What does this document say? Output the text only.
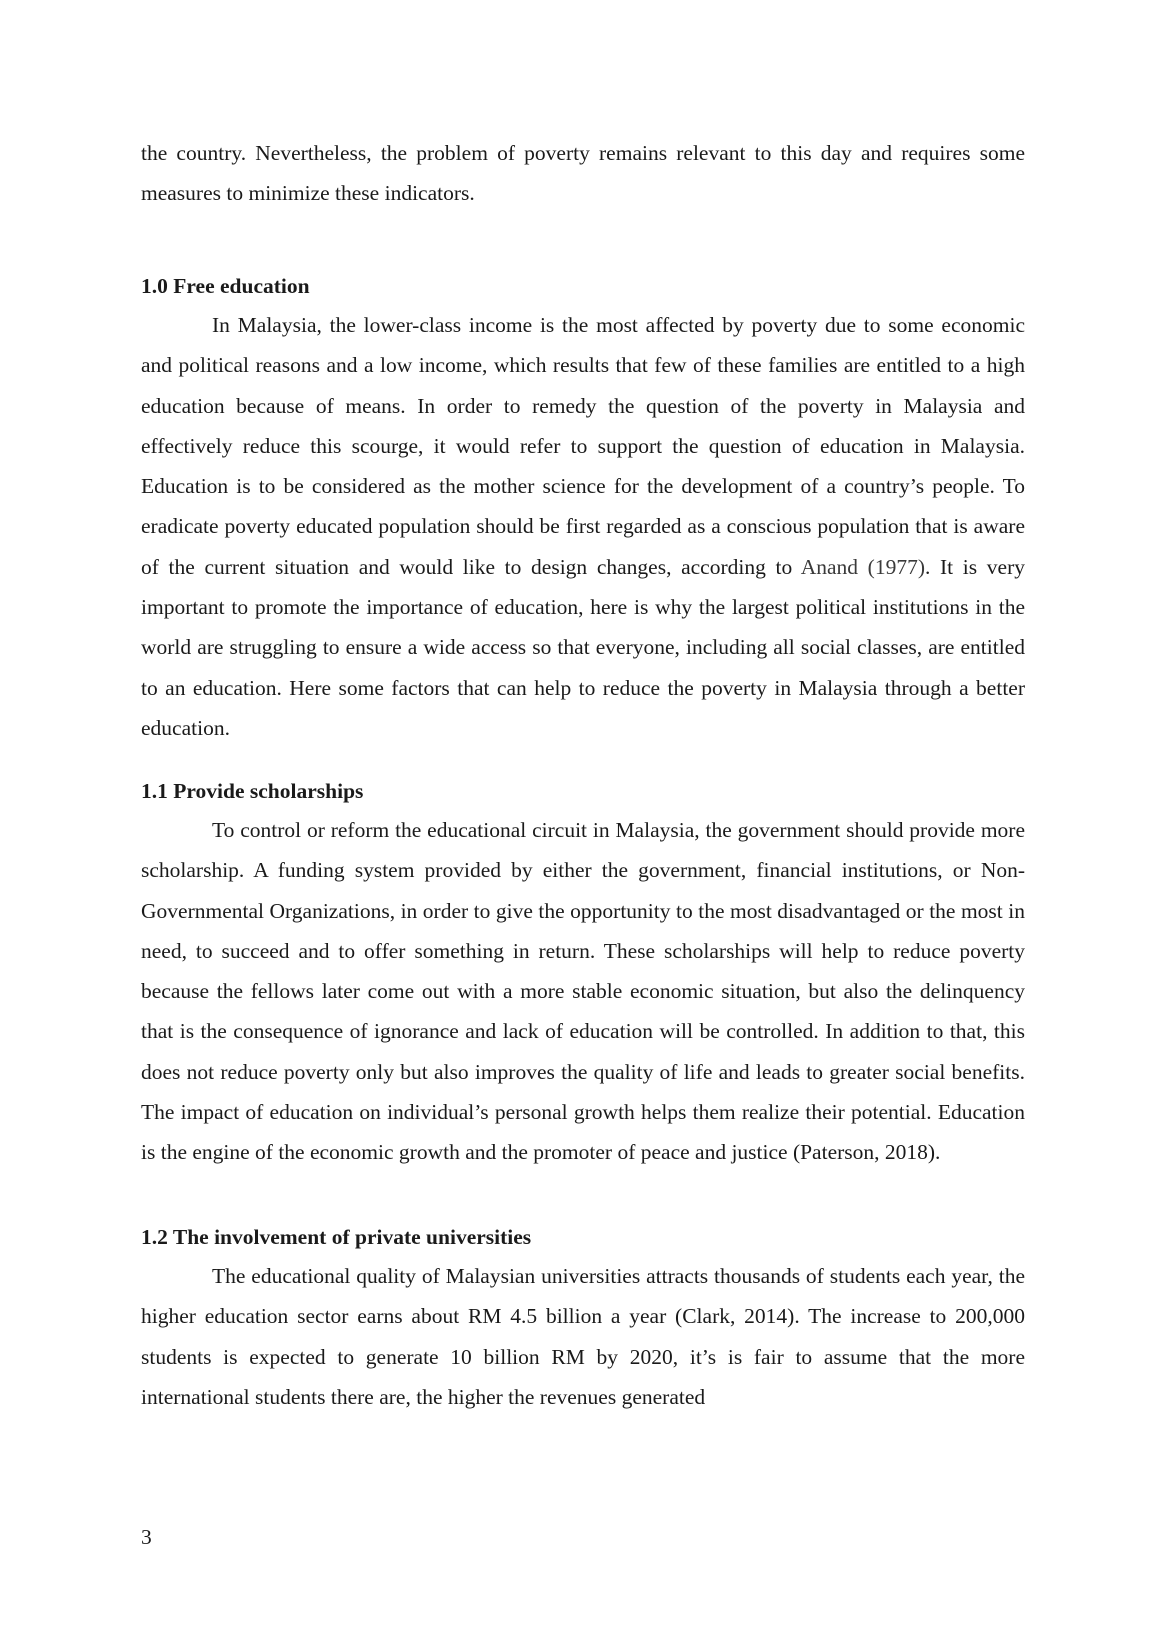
the country. Nevertheless, the problem of poverty remains relevant to this day and requires some measures to minimize these indicators.

1.0 Free education

In Malaysia, the lower-class income is the most affected by poverty due to some economic and political reasons and a low income, which results that few of these families are entitled to a high education because of means. In order to remedy the question of the poverty in Malaysia and effectively reduce this scourge, it would refer to support the question of education in Malaysia. Education is to be considered as the mother science for the development of a country’s people. To eradicate poverty educated population should be first regarded as a conscious population that is aware of the current situation and would like to design changes, according to Anand (1977). It is very important to promote the importance of education, here is why the largest political institutions in the world are struggling to ensure a wide access so that everyone, including all social classes, are entitled to an education. Here some factors that can help to reduce the poverty in Malaysia through a better education.

1.1 Provide scholarships

To control or reform the educational circuit in Malaysia, the government should provide more scholarship. A funding system provided by either the government, financial institutions, or Non-Governmental Organizations, in order to give the opportunity to the most disadvantaged or the most in need, to succeed and to offer something in return. These scholarships will help to reduce poverty because the fellows later come out with a more stable economic situation, but also the delinquency that is the consequence of ignorance and lack of education will be controlled. In addition to that, this does not reduce poverty only but also improves the quality of life and leads to greater social benefits. The impact of education on individual’s personal growth helps them realize their potential. Education is the engine of the economic growth and the promoter of peace and justice (Paterson, 2018).

1.2 The involvement of private universities

The educational quality of Malaysian universities attracts thousands of students each year, the higher education sector earns about RM 4.5 billion a year (Clark, 2014). The increase to 200,000 students is expected to generate 10 billion RM by 2020, it’s is fair to assume that the more international students there are, the higher the revenues generated

3
